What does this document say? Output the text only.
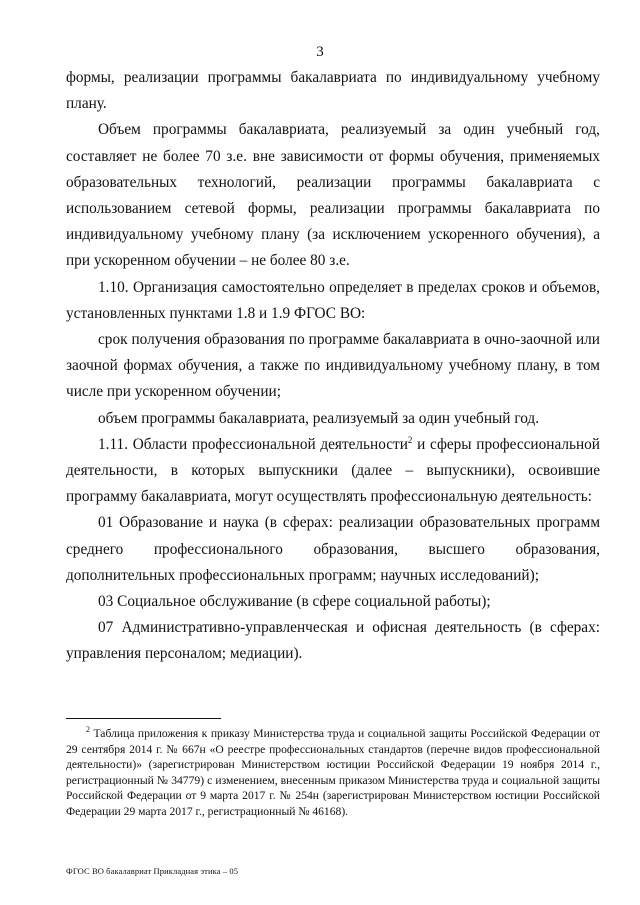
3

формы, реализации программы бакалавриата по индивидуальному учебному плану.

Объем программы бакалавриата, реализуемый за один учебный год, составляет не более 70 з.е. вне зависимости от формы обучения, применяемых образовательных технологий, реализации программы бакалавриата с использованием сетевой формы, реализации программы бакалавриата по индивидуальному учебному плану (за исключением ускоренного обучения), а при ускоренном обучении – не более 80 з.е.

1.10. Организация самостоятельно определяет в пределах сроков и объемов, установленных пунктами 1.8 и 1.9 ФГОС ВО:

срок получения образования по программе бакалавриата в очно-заочной или заочной формах обучения, а также по индивидуальному учебному плану, в том числе при ускоренном обучении;

объем программы бакалавриата, реализуемый за один учебный год.

1.11. Области профессиональной деятельности$^2$ и сферы профессиональной деятельности, в которых выпускники (далее – выпускники), освоившие программу бакалавриата, могут осуществлять профессиональную деятельность:

01 Образование и наука (в сферах: реализации образовательных программ среднего профессионального образования, высшего образования, дополнительных профессиональных программ; научных исследований);

03 Социальное обслуживание (в сфере социальной работы);

07 Административно-управленческая и офисная деятельность (в сферах: управления персоналом; медиации).

$^2$ Таблица приложения к приказу Министерства труда и социальной защиты Российской Федерации от 29 сентября 2014 г. № 667н «О реестре профессиональных стандартов (перечне видов профессиональной деятельности)» (зарегистрирован Министерством юстиции Российской Федерации 19 ноября 2014 г., регистрационный № 34779) с изменением, внесенным приказом Министерства труда и социальной защиты Российской Федерации от 9 марта 2017 г. № 254н (зарегистрирован Министерством юстиции Российской Федерации 29 марта 2017 г., регистрационный № 46168).
ФГОС ВО бакалавриат Прикладная этика – 05
